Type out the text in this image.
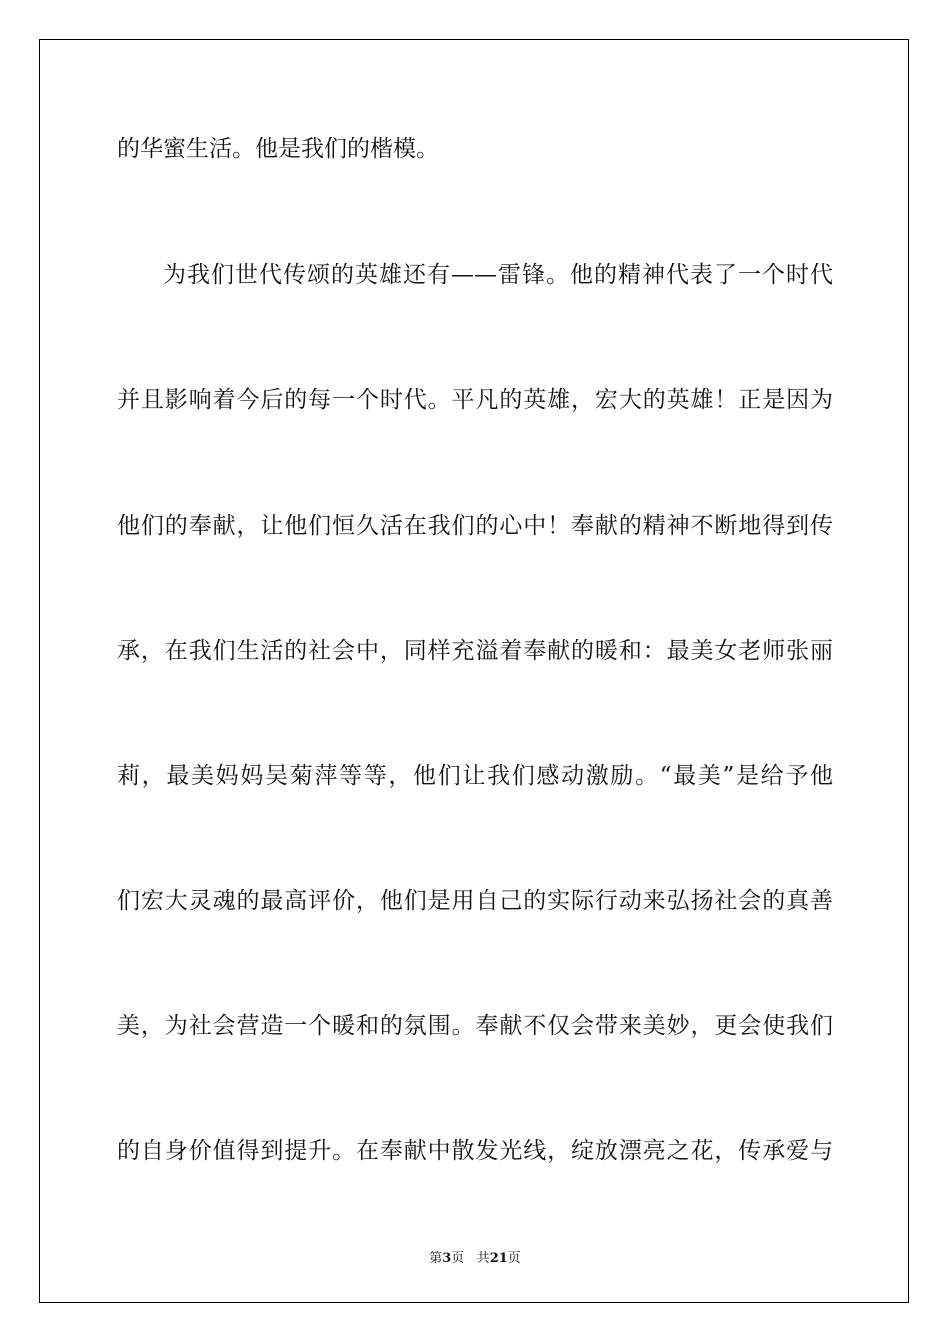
的华蜜生活。他是我们的楷模。
为我们世代传颂的英雄还有——雷锋。他的精神代表了一个时代
并且影响着今后的每一个时代。平凡的英雄，宏大的英雄！正是因为
他们的奉献，让他们恒久活在我们的心中！奉献的精神不断地得到传
承，在我们生活的社会中，同样充溢着奉献的暖和：最美女老师张丽
莉，最美妈妈吴菊萍等等，他们让我们感动激励。“最美”是给予他
们宏大灵魂的最高评价，他们是用自己的实际行动来弘扬社会的真善
美，为社会营造一个暖和的氛围。奉献不仅会带来美妙，更会使我们
的自身价值得到提升。在奉献中散发光线，绽放漂亮之花，传承爱与
第3页 共21页
